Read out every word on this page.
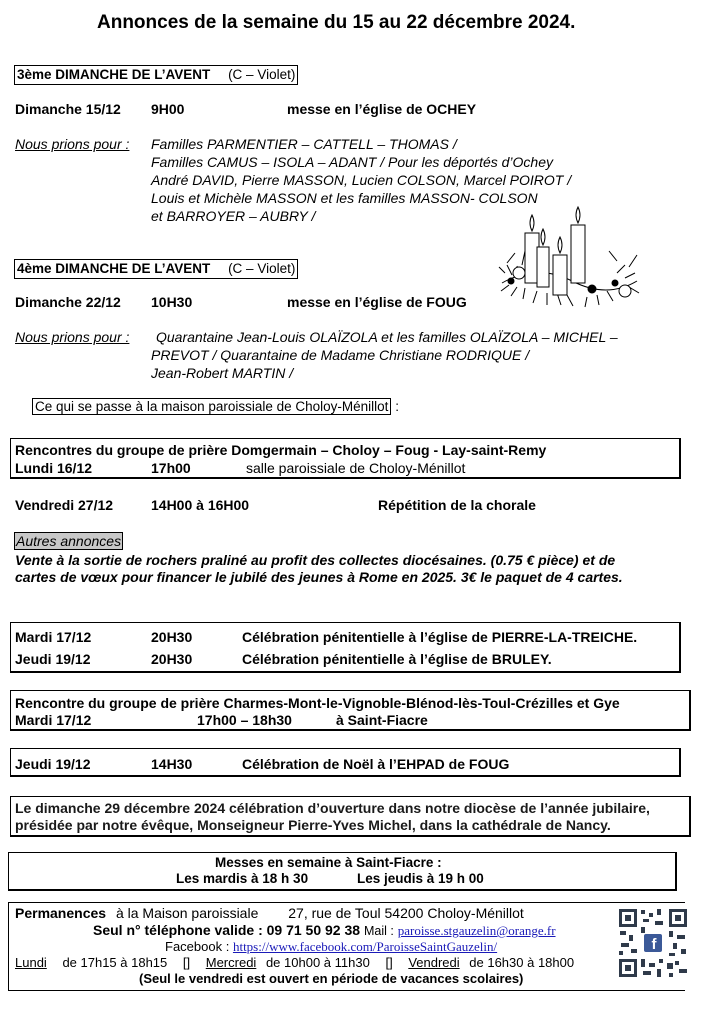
Annonces de la semaine du 15 au 22 décembre 2024.
3ème DIMANCHE DE L’AVENT (C – Violet)
Dimanche 15/12 9H00	messe en l’église de OCHEY
Nous prions pour : Familles PARMENTIER – CATTELL – THOMAS /
Familles CAMUS – ISOLA – ADANT / Pour les déportés d’Ochey
André DAVID, Pierre MASSON, Lucien COLSON, Marcel POIROT /
Louis et Michèle MASSON et les familles MASSON- COLSON
et BARROYER – AUBRY /
4ème DIMANCHE DE L’AVENT (C – Violet)
Dimanche 22/12 10H30	messe en l’église de FOUG
Nous prions pour : Quarantaine Jean-Louis OLAÏZOLA et les familles OLAÏZOLA – MICHEL –
PREVOT / Quarantaine de Madame Christiane RODRIQUE /
Jean-Robert MARTIN /
Ce qui se passe à la maison paroissiale de Choloy-Ménillot :
Rencontres du groupe de prière Domgermain – Choloy – Foug - Lay-saint-Remy
Lundi 16/12	17h00	salle paroissiale de Choloy-Ménillot
Vendredi 27/12	14H00 à 16H00	Répétition de la chorale
Autres annonces
Vente à la sortie de rochers praliné au profit des collectes diocésaines. (0.75 € pièce) et de
cartes de vœux pour financer le jubilé des jeunes à Rome en 2025. 3€ le paquet de 4 cartes.
Mardi 17/12	20H30	Célébration pénitentielle à l’église de PIERRE-LA-TREICHE.
Jeudi 19/12	20H30	Célébration pénitentielle à l’église de BRULEY.
Rencontre du groupe de prière Charmes-Mont-le-Vignoble-Blénod-lès-Toul-Crézilles et Gye
Mardi 17/12	17h00 – 18h30	à Saint-Fiacre
Jeudi 19/12	14H30	Célébration de Noël à l’EHPAD de FOUG
Le dimanche 29 décembre 2024 célébration d’ouverture dans notre diocèse de l’année jubilaire,
présidée par notre évêque, Monseigneur Pierre-Yves Michel, dans la cathédrale de Nancy.
Messes en semaine à Saint-Fiacre :
Les mardis à 18 h 30	Les jeudis à 19 h 00
Permanences à la Maison paroissiale 27, rue de Toul 54200 Choloy-Ménillot
Seul n° téléphone valide : 09 71 50 92 38 Mail : paroisse.stgauzelin@orange.fr
Facebook : https://www.facebook.com/ParoisseSaintGauzelin/
Lundi de 17h15 à 18h15 [] Mercredi de 10h00 à 11h30 [] Vendredi de 16h30 à 18h00
(Seul le vendredi est ouvert en période de vacances scolaires)
f
